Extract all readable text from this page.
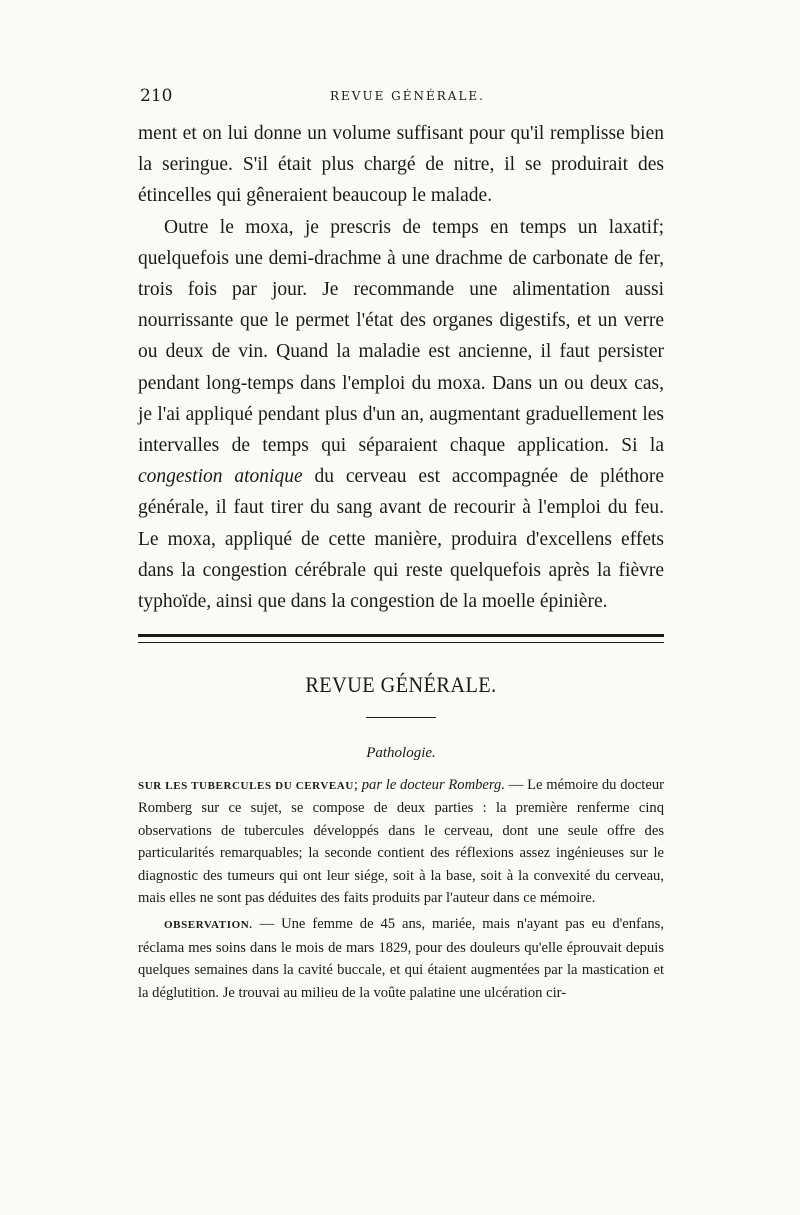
210	REVUE GÉNÉRALE.

ment et on lui donne un volume suffisant pour qu'il remplisse bien la seringue. S'il était plus chargé de nitre, il se produirait des étincelles qui gêneraient beaucoup le malade.

Outre le moxa, je prescris de temps en temps un laxatif; quelquefois une demi-drachme à une drachme de carbonate de fer, trois fois par jour. Je recommande une alimentation aussi nourrissante que le permet l'état des organes digestifs, et un verre ou deux de vin. Quand la maladie est ancienne, il faut persister pendant long-temps dans l'emploi du moxa. Dans un ou deux cas, je l'ai appliqué pendant plus d'un an, augmentant graduellement les intervalles de temps qui séparaient chaque application. Si la congestion atonique du cerveau est accompagnée de pléthore générale, il faut tirer du sang avant de recourir à l'emploi du feu. Le moxa, appliqué de cette manière, produira d'excellens effets dans la congestion cérébrale qui reste quelquefois après la fièvre typhoïde, ainsi que dans la congestion de la moelle épinière.

REVUE GÉNÉRALE.
Pathologie.

SUR LES TUBERCULES DU CERVEAU; par le docteur Romberg. — Le mémoire du docteur Romberg sur ce sujet, se compose de deux parties : la première renferme cinq observations de tubercules développés dans le cerveau, dont une seule offre des particularités remarquables; la seconde contient des réflexions assez ingénieuses sur le diagnostic des tumeurs qui ont leur siége, soit à la base, soit à la convexité du cerveau, mais elles ne sont pas déduites des faits produits par l'auteur dans ce mémoire.

OBSERVATION. — Une femme de 45 ans, mariée, mais n'ayant pas eu d'enfans, réclama mes soins dans le mois de mars 1829, pour des douleurs qu'elle éprouvait depuis quelques semaines dans la cavité buccale, et qui étaient augmentées par la mastication et la déglutition. Je trouvai au milieu de la voûte palatine une ulcération cir-
